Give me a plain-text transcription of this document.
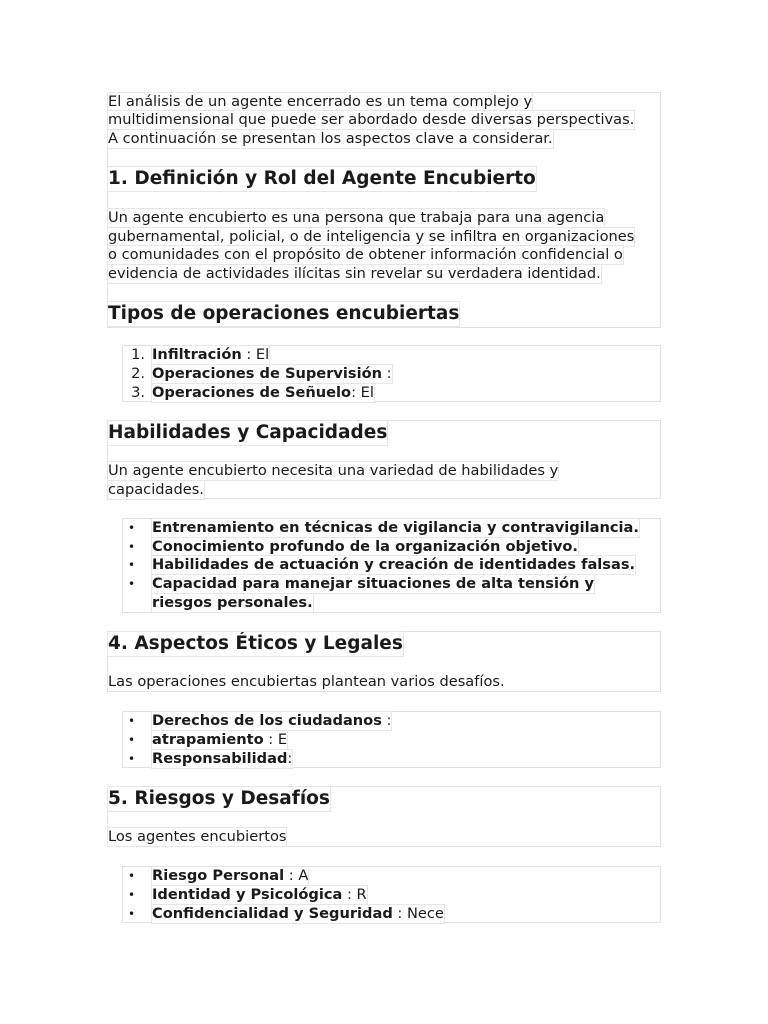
El análisis de un agente encerrado es un tema complejo y
multidimensional que puede ser abordado desde diversas perspectivas.
A continuación se presentan los aspectos clave a considerar.
1. Definición y Rol del Agente Encubierto
Un agente encubierto es una persona que trabaja para una agencia
gubernamental, policial, o de inteligencia y se infiltra en organizaciones
o comunidades con el propósito de obtener información confidencial o
evidencia de actividades ilícitas sin revelar su verdadera identidad.
Tipos de operaciones encubiertas
1. Infiltración : El
2. Operaciones de Supervisión :
3. Operaciones de Señuelo: El
Habilidades y Capacidades
Un agente encubierto necesita una variedad de habilidades y
capacidades.
• Entrenamiento en técnicas de vigilancia y contravigilancia.
• Conocimiento profundo de la organización objetivo.
• Habilidades de actuación y creación de identidades falsas.
• Capacidad para manejar situaciones de alta tensión y
riesgos personales.
4. Aspectos Éticos y Legales
Las operaciones encubiertas plantean varios desafíos.
• Derechos de los ciudadanos :
• atrapamiento : E
• Responsabilidad:
5. Riesgos y Desafíos
Los agentes encubiertos
• Riesgo Personal : A
• Identidad y Psicológica : R
• Confidencialidad y Seguridad : Nece
